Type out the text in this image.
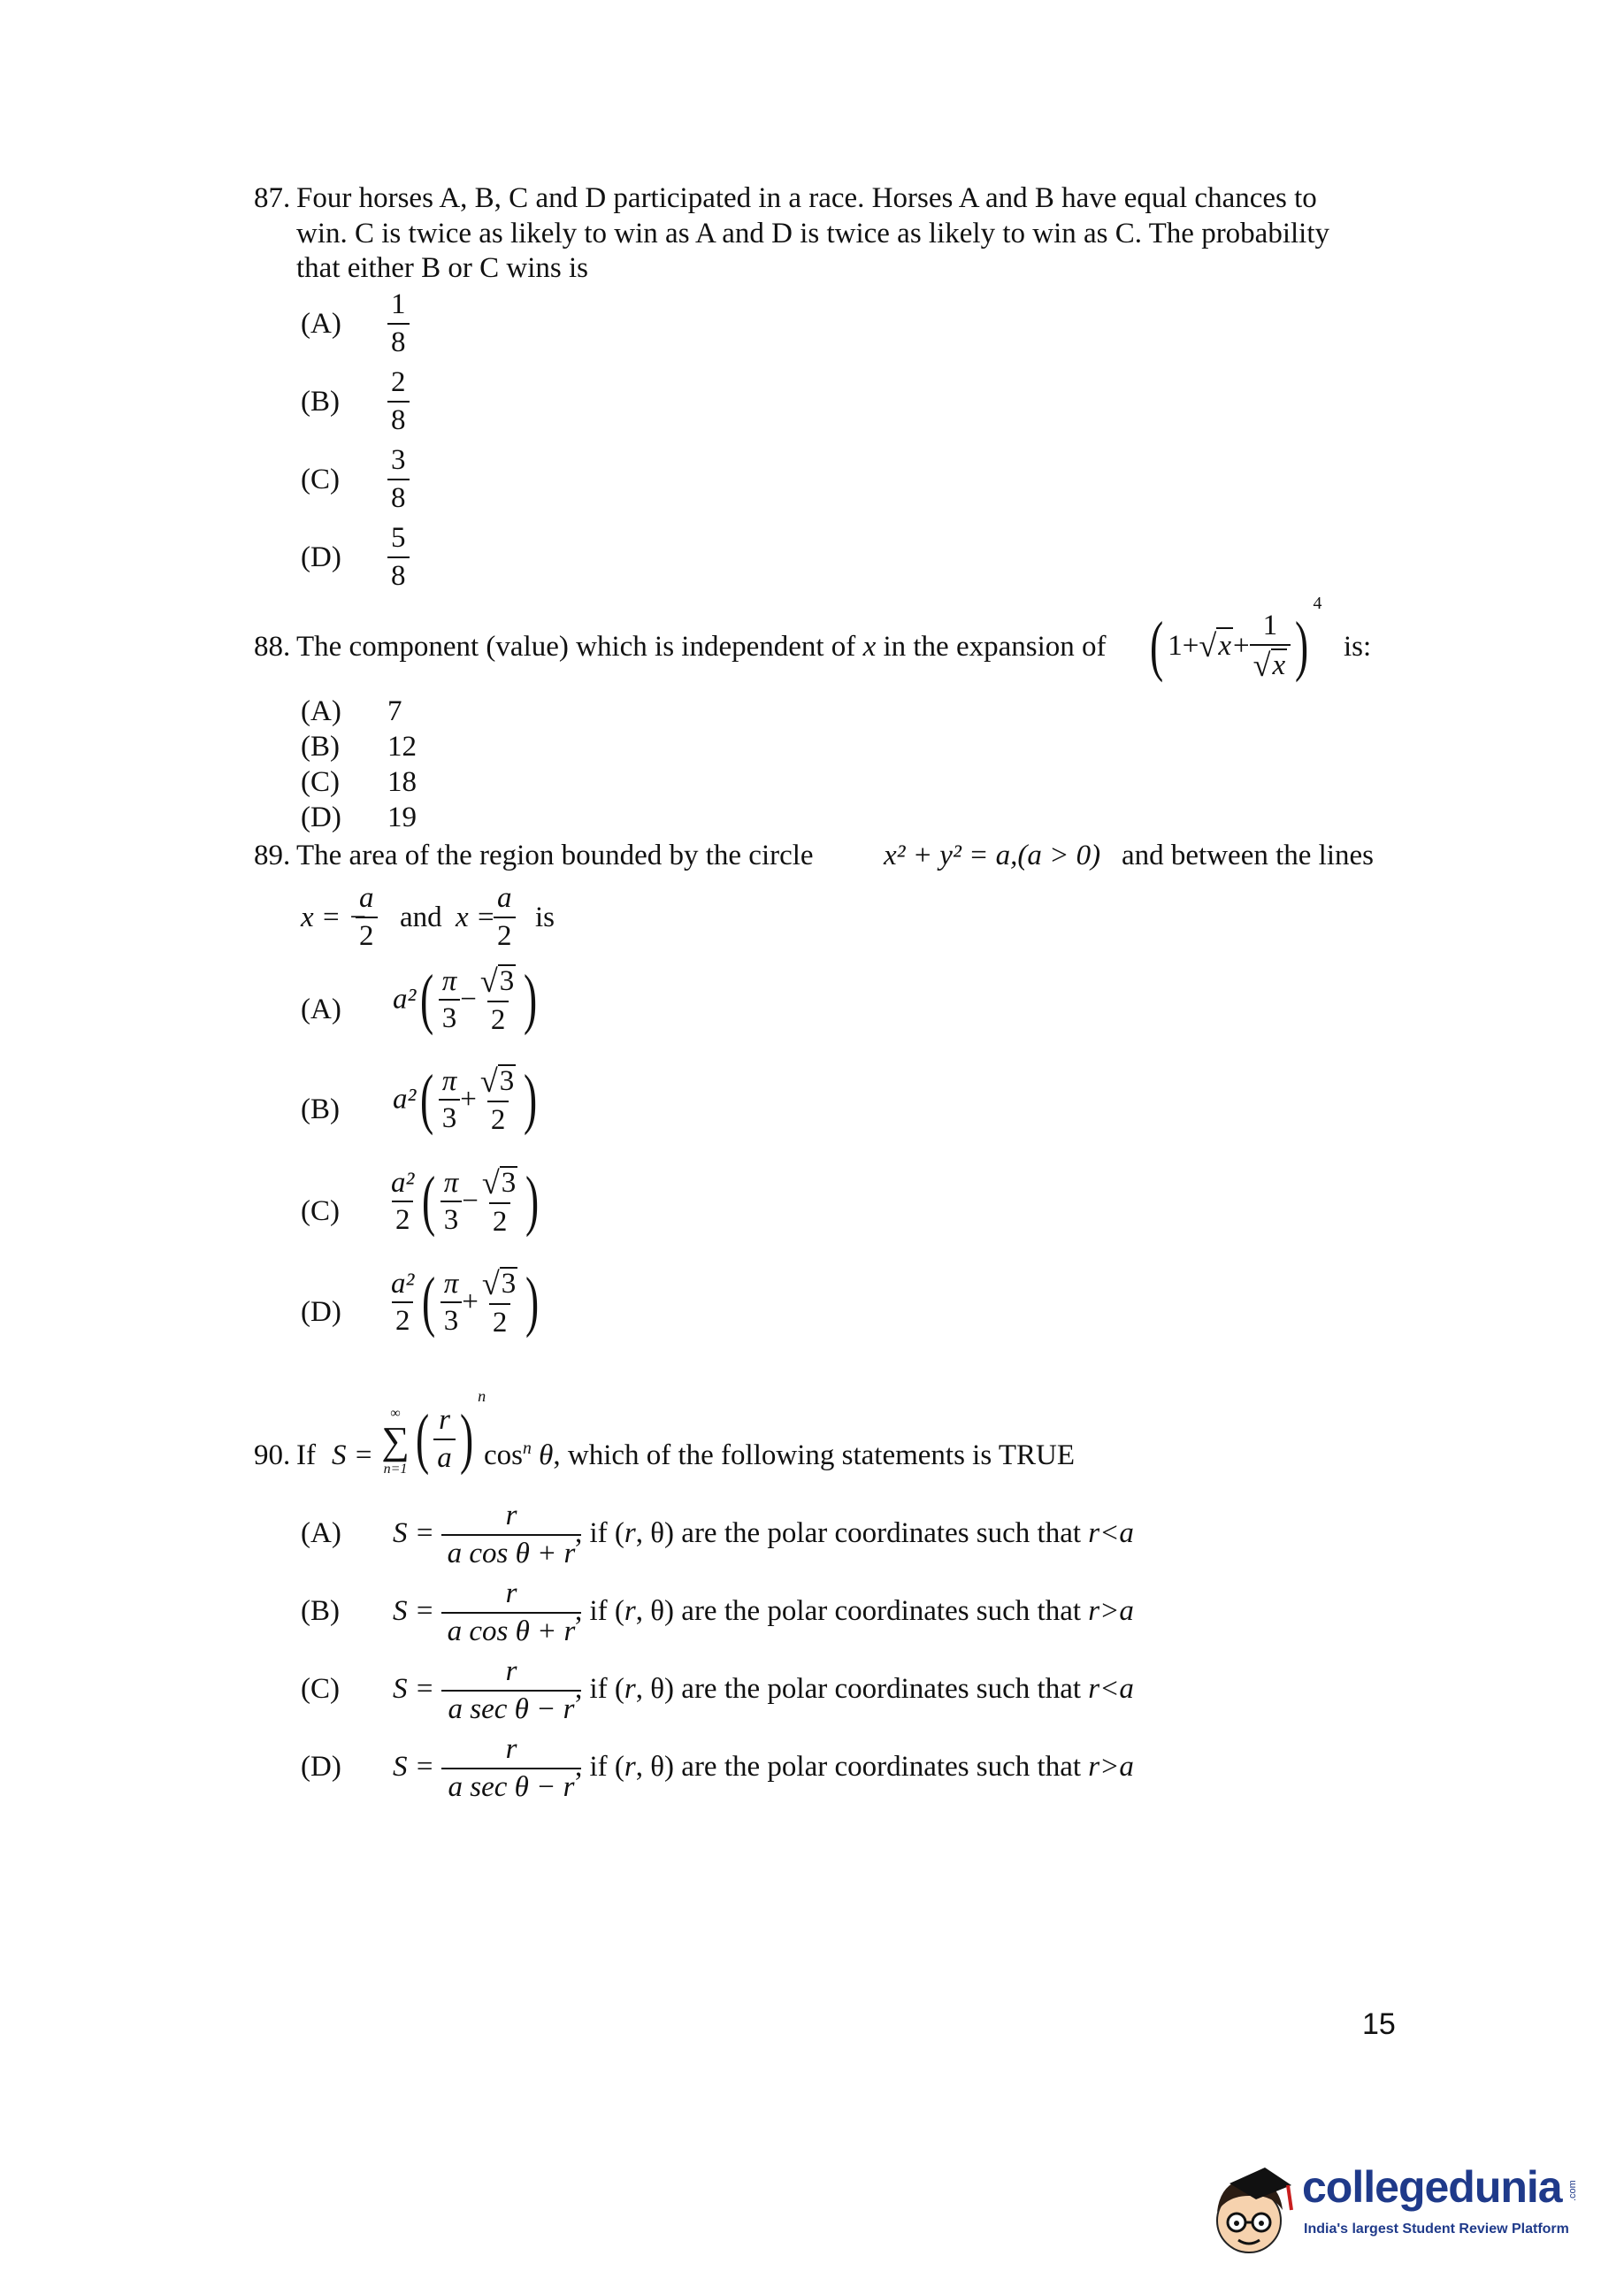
87. Four horses A, B, C and D participated in a race. Horses A and B have equal chances to
win. C is twice as likely to win as A and D is twice as likely to win as C. The probability
that either B or C wins is
$(A) \frac{1}{8}$
$(B) \frac{2}{8}$
$(C) \frac{3}{8}$
$(D) \frac{5}{8}$
88. The component (value) which is independent of x in the expansion of ( 1+ √ $x + \frac{1}{√ x} )^4$
is:
(A) 7
(B) 12
(C) 18
(D) 19
89. The area of the region bounded by the circle x² + y² = a,(a > 0) and between the lines
x = −
$\frac{a}{2}$ and x =
$\frac{a}{2}$ is
(A) $a^2( \frac{\pi}{3} - \frac{√ 3}{2}$ )
(B) $a^2( \frac{\pi}{3} + \frac{√ 3}{2}$ )
$(C) \frac{\text{a²}}{2}$ ( $\frac{\pi}{3} - \frac{√ 3}{2}$ )
$(D) \frac{\text{a²}}{2}$ ( $\frac{\pi}{3} + \frac{√ 3}{2}$ )
90. If S =
∞
∑
n=1 ( $\frac{r}{a} )^n$
$\cos^n \theta$, which of the following statements is TRUE
(A) $S = \frac{r}{\text{a cos θ + r}}$
, if (r, θ) are the polar coordinates such that r<a
(B) $S = \frac{r}{\text{a cos θ + r}}$
, if (r, θ) are the polar coordinates such that r>a
(C) S =
r
a sec θ − r
, if (r, θ) are the polar coordinates such that r<a
(D) S =
r
a sec θ − r
, if (r, θ) are the polar coordinates such that r>a
15
collegedunia .com
India's largest Student Review Platform
